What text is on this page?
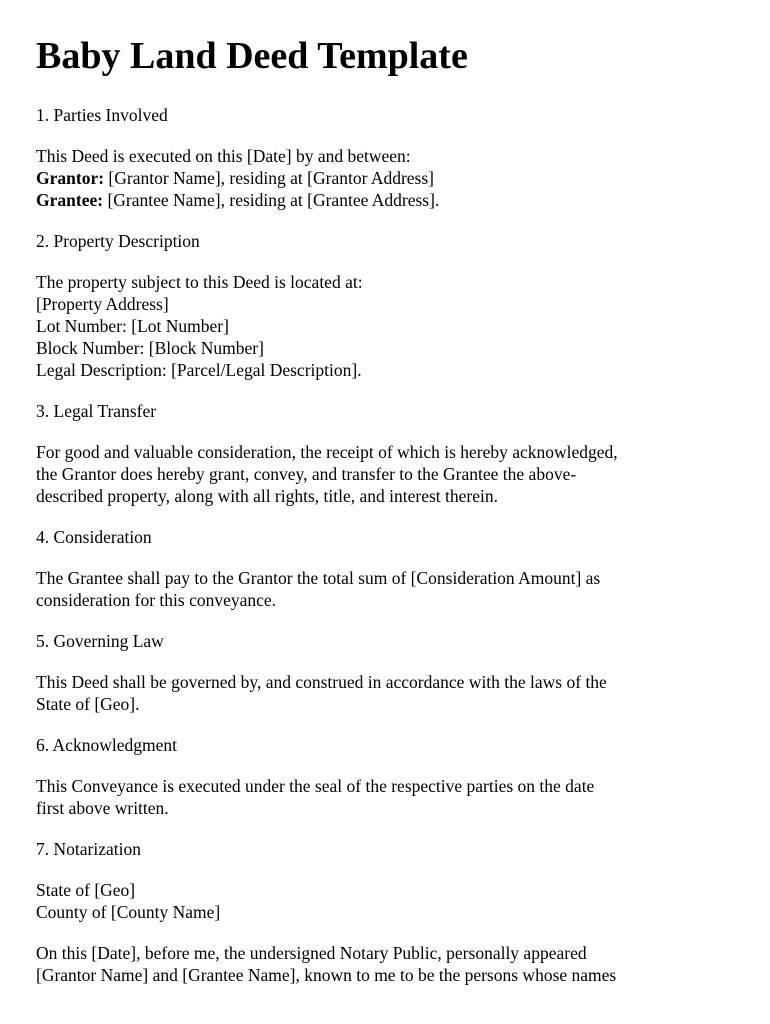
Baby Land Deed Template

1. Parties Involved

This Deed is executed on this [Date] by and between:
Grantor: [Grantor Name], residing at [Grantor Address]
Grantee: [Grantee Name], residing at [Grantee Address].

2. Property Description

The property subject to this Deed is located at:
[Property Address]
Lot Number: [Lot Number]
Block Number: [Block Number]
Legal Description: [Parcel/Legal Description].

3. Legal Transfer

For good and valuable consideration, the receipt of which is hereby acknowledged,
the Grantor does hereby grant, convey, and transfer to the Grantee the above-
described property, along with all rights, title, and interest therein.

4. Consideration

The Grantee shall pay to the Grantor the total sum of [Consideration Amount] as
consideration for this conveyance.

5. Governing Law

This Deed shall be governed by, and construed in accordance with the laws of the
State of [Geo].

6. Acknowledgment

This Conveyance is executed under the seal of the respective parties on the date
first above written.

7. Notarization

State of [Geo]
County of [County Name]

On this [Date], before me, the undersigned Notary Public, personally appeared
[Grantor Name] and [Grantee Name], known to me to be the persons whose names
